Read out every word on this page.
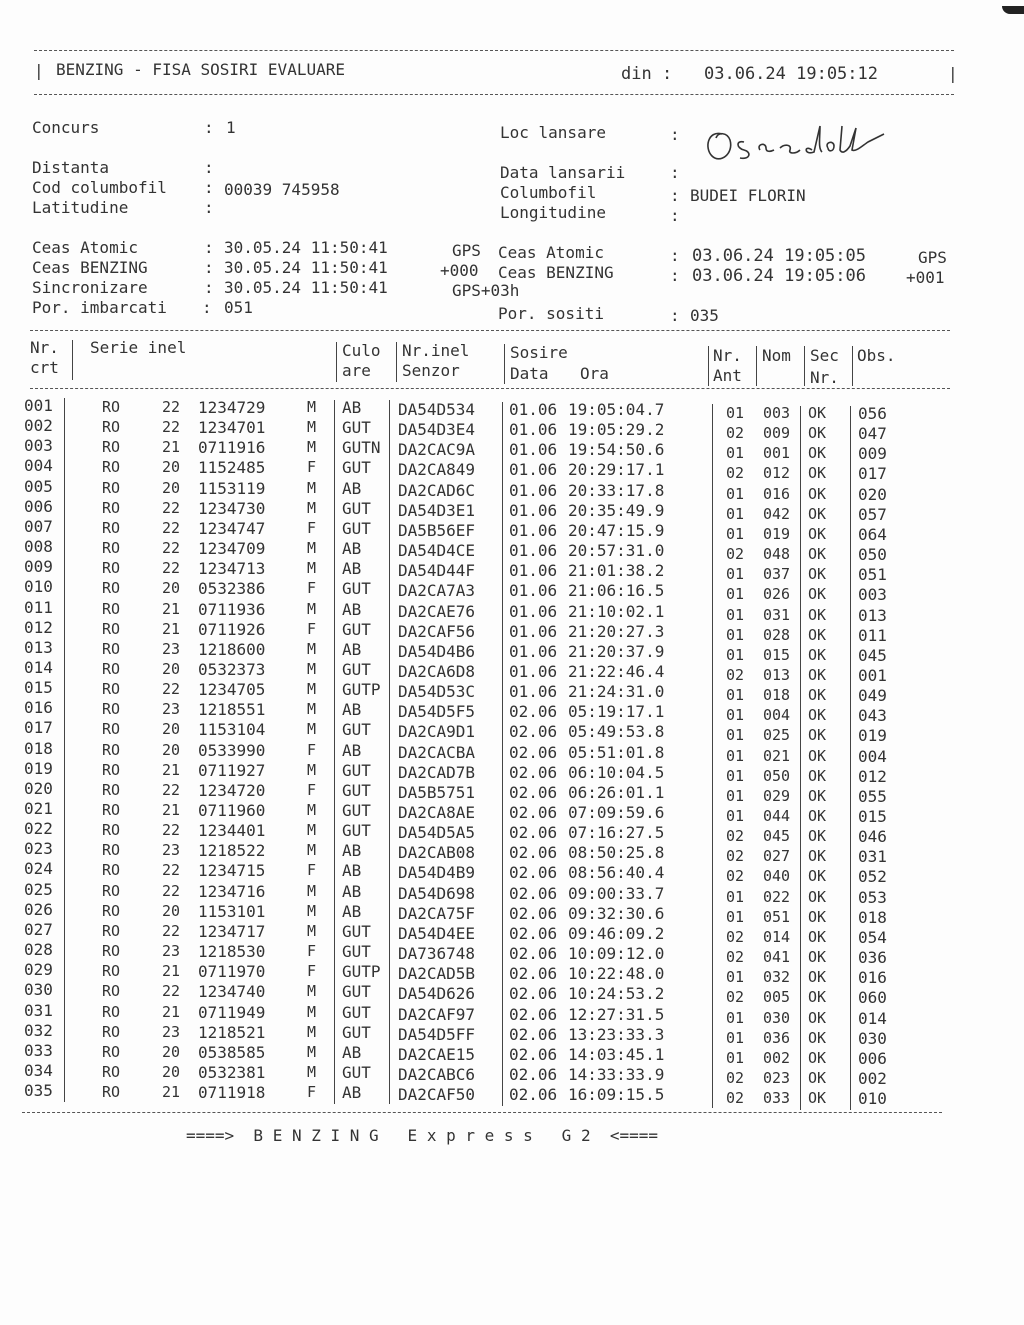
| BENZING - FISA SOSIRI EVALUARE	din : 03.06.24 19:05:12	|
Concurs	: 1
Distanta	:
Cod columbofil : 00039 745958
Latitudine	:
Loc lansare	:
Data lansarii	:
Columbofil	: BUDEI FLORIN
Longitudine	:
Ceas Atomic	: 30.05.24 11:50:41	GPS
Ceas BENZING	: 30.05.24 11:50:41	+000
Sincronizare	: 30.05.24 11:50:41	GPS+03h
Por. imbarcati : 051
Ceas Atomic	: 03.06.24 19:05:05	GPS
Ceas BENZING	: 03.06.24 19:05:06	+001
Por. sositi	: 035
Nr.
crt
Serie inel	Culo
are
Nr.inel
Senzor
Sosire
Data Ora
Nr.
Ant
Nom Sec
Nr.
Obs.
001	RO	22 1234729	M AB DA54D534 01.06 19:05:04.7	01 003 OK 056
002	RO	22 1234701	M GUT DA54D3E4 01.06 19:05:29.2	02 009 OK 047
003	RO	21 0711916	M GUTN DA2CAC9A 01.06 19:54:50.6	01 001 OK 009
004	RO	20 1152485	F GUT DA2CA849 01.06 20:29:17.1	02 012 OK 017
005	RO	20 1153119	M AB DA2CAD6C 01.06 20:33:17.8	01 016 OK 020
006	RO	22 1234730	M GUT DA54D3E1 01.06 20:35:49.9	01 042 OK 057
007	RO	22 1234747	F GUT DA5B56EF 01.06 20:47:15.9	01 019 OK 064
008	RO	22 1234709	M AB DA54D4CE 01.06 20:57:31.0	02 048 OK 050
009	RO	22 1234713	M AB DA54D44F 01.06 21:01:38.2	01 037 OK 051
010	RO	20 0532386	F GUT DA2CA7A3 01.06 21:06:16.5	01 026 OK 003
011	RO	21 0711936	M AB DA2CAE76 01.06 21:10:02.1	01 031 OK 013
012	RO	21 0711926	F GUT DA2CAF56 01.06 21:20:27.3	01 028 OK 011
013	RO	23 1218600	M AB DA54D4B6 01.06 21:20:37.9	01 015 OK 045
014	RO	20 0532373	M GUT DA2CA6D8 01.06 21:22:46.4	02 013 OK 001
015	RO	22 1234705	M GUTP DA54D53C 01.06 21:24:31.0	01 018 OK 049
016	RO	23 1218551	M AB DA54D5F5 02.06 05:19:17.1	01 004 OK 043
017	RO	20 1153104	M GUT DA2CA9D1 02.06 05:49:53.8	01 025 OK 019
018	RO	20 0533990	F AB DA2CACBA 02.06 05:51:01.8	01 021 OK 004
019	RO	21 0711927	M GUT DA2CAD7B 02.06 06:10:04.5	01 050 OK 012
020	RO	22 1234720	F GUT DA5B5751 02.06 06:26:01.1	01 029 OK 055
021	RO	21 0711960	M GUT DA2CA8AE 02.06 07:09:59.6	01 044 OK 015
022	RO	22 1234401	M GUT DA54D5A5 02.06 07:16:27.5	02 045 OK 046
023	RO	23 1218522	M AB DA2CAB08 02.06 08:50:25.8	02 027 OK 031
024	RO	22 1234715	F AB DA54D4B9 02.06 08:56:40.4	02 040 OK 052
025	RO	22 1234716	M AB DA54D698 02.06 09:00:33.7	01 022 OK 053
026	RO	20 1153101	M AB DA2CA75F 02.06 09:32:30.6	01 051 OK 018
027	RO	22 1234717	M GUT DA54D4EE 02.06 09:46:09.2	02 014 OK 054
028	RO	23 1218530	F GUT DA736748 02.06 10:09:12.0	02 041 OK 036
029	RO	21 0711970	F GUTP DA2CAD5B 02.06 10:22:48.0	01 032 OK 016
030	RO	22 1234740	M GUT DA54D626 02.06 10:24:53.2	02 005 OK 060
031	RO	21 0711949	M GUT DA2CAF97 02.06 12:27:31.5	01 030 OK 014
032	RO	23 1218521	M GUT DA54D5FF 02.06 13:23:33.3	01 036 OK 030
033	RO	20 0538585	M AB DA2CAE15 02.06 14:03:45.1	01 002 OK 006
034	RO	20 0532381	M GUT DA2CABC6 02.06 14:33:33.9	02 023 OK 002
035	RO	21 0711918	F AB DA2CAF50 02.06 16:09:15.5	02 033 OK 010
====>  B E N Z I N G   E x p r e s s   G 2  <====
